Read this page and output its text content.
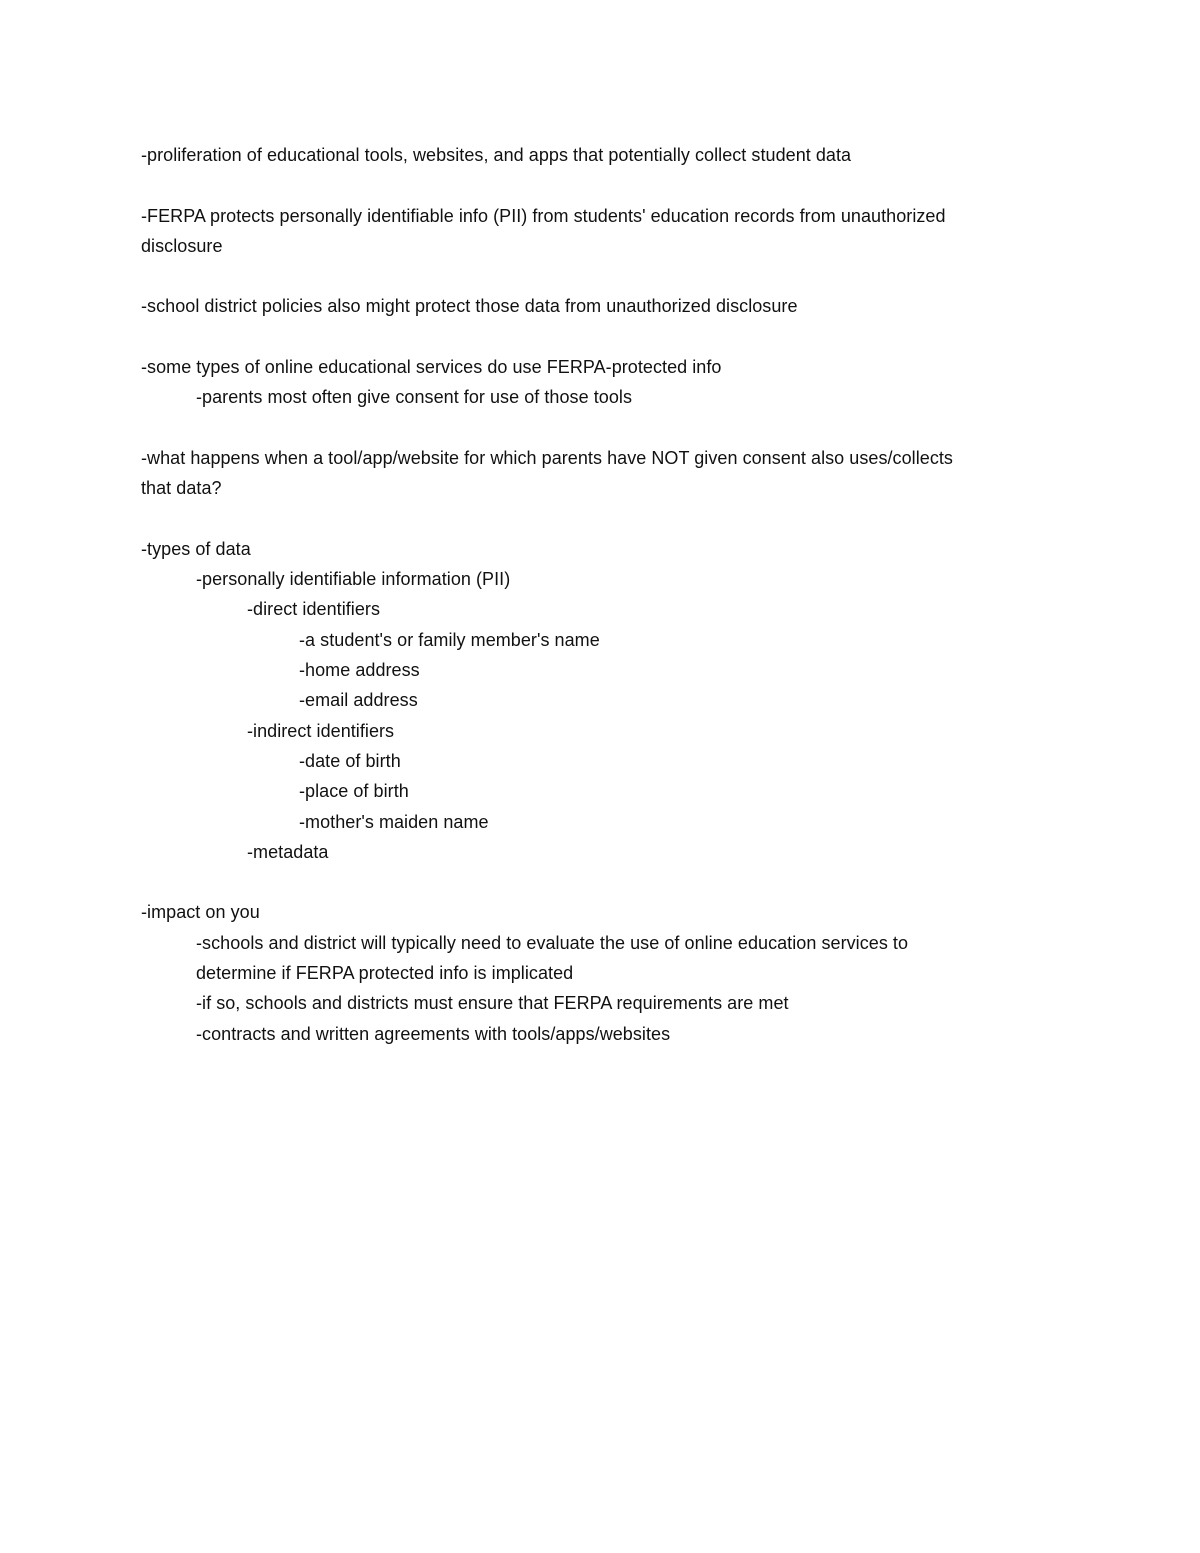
-proliferation of educational tools, websites, and apps that potentially collect student data
-FERPA protects personally identifiable info (PII) from students' education records from unauthorized
disclosure
-school district policies also might protect those data from unauthorized disclosure
-some types of online educational services do use FERPA-protected info
-parents most often give consent for use of those tools
-what happens when a tool/app/website for which parents have NOT given consent also uses/collects
that data?
-types of data
-personally identifiable information (PII)
-direct identifiers
-a student's or family member's name
-home address
-email address
-indirect identifiers
-date of birth
-place of birth
-mother's maiden name
-metadata
-impact on you
-schools and district will typically need to evaluate the use of online education services to
determine if FERPA protected info is implicated
-if so, schools and districts must ensure that FERPA requirements are met
-contracts and written agreements with tools/apps/websites
